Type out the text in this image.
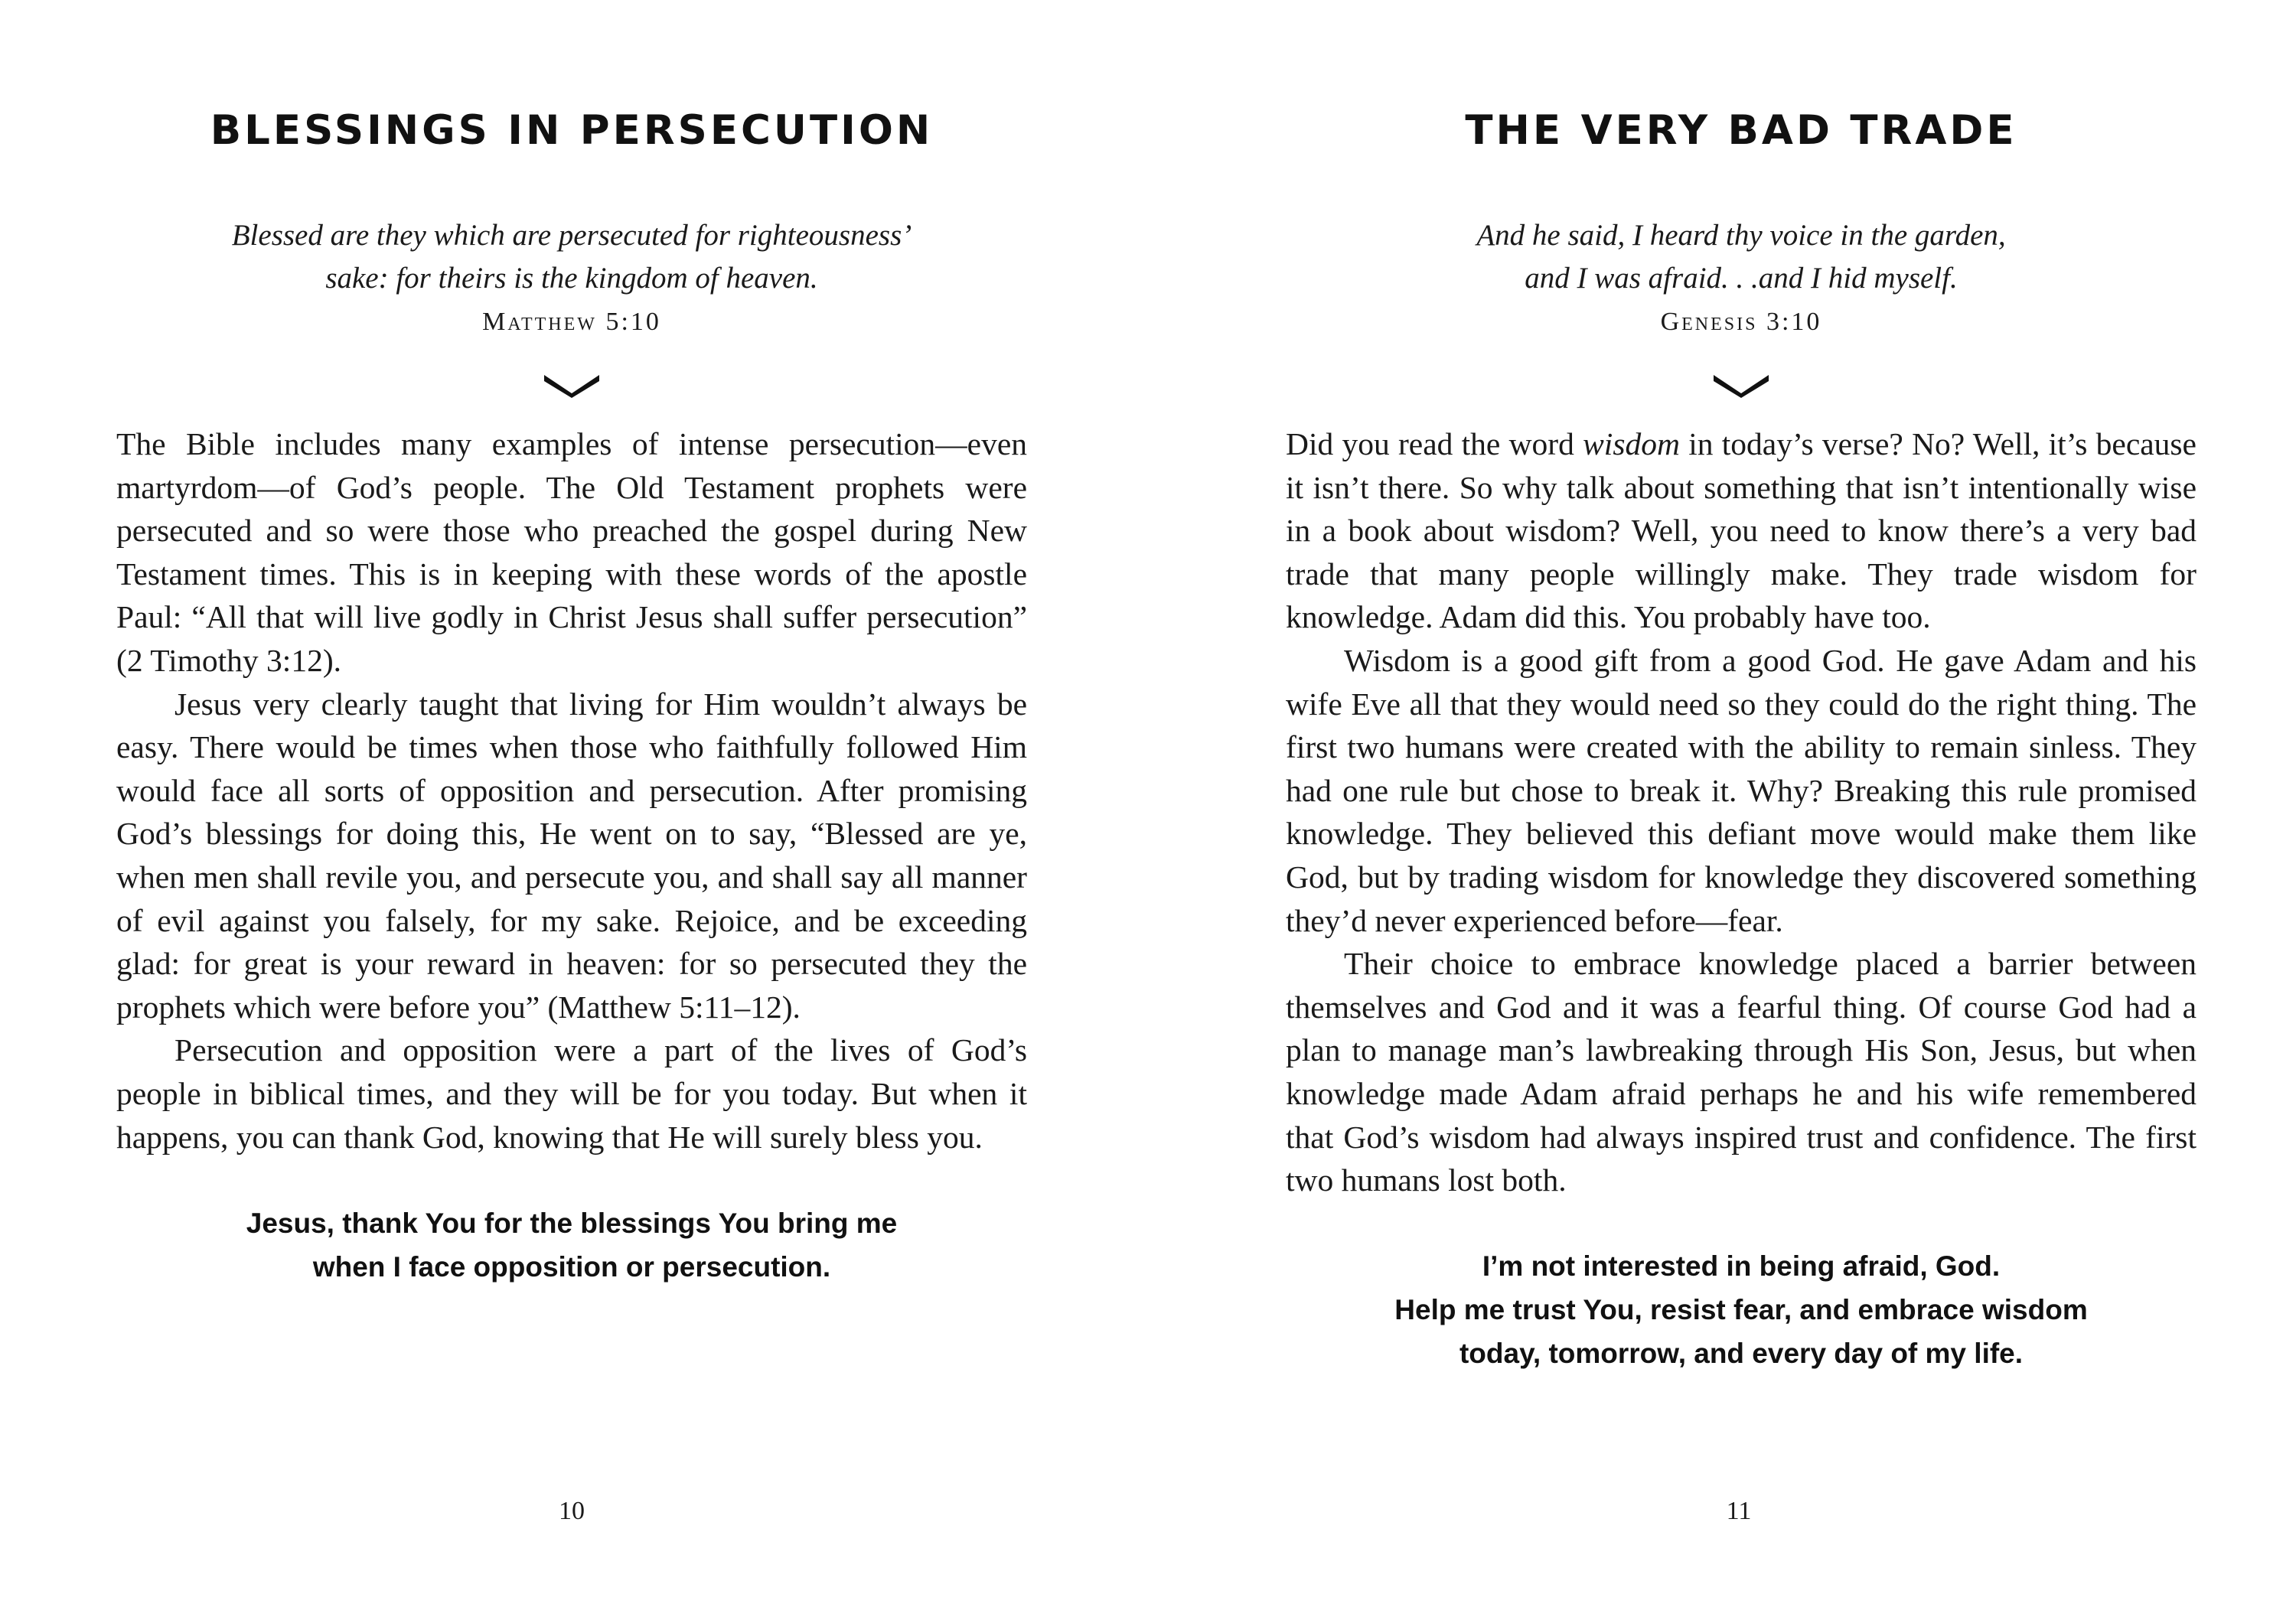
BLESSINGS IN PERSECUTION
Blessed are they which are persecuted for righteousness’
sake: for theirs is the kingdom of heaven.
Matthew 5:10

The Bible includes many examples of intense persecution—even martyrdom—of God’s people. The Old Testament prophets were persecuted and so were those who preached the gospel during New Testament times. This is in keeping with these words of the apostle Paul: “All that will live godly in Christ Jesus shall suffer persecution” (2 Timothy 3:12).

Jesus very clearly taught that living for Him wouldn’t always be easy. There would be times when those who faithfully followed Him would face all sorts of opposition and persecution. After promising God’s blessings for doing this, He went on to say, “Blessed are ye, when men shall revile you, and persecute you, and shall say all manner of evil against you falsely, for my sake. Rejoice, and be exceeding glad: for great is your reward in heaven: for so persecuted they the prophets which were before you” (Matthew 5:11–12).

Persecution and opposition were a part of the lives of God’s people in biblical times, and they will be for you today. But when it happens, you can thank God, knowing that He will surely bless you.

Jesus, thank You for the blessings You bring me
when I face opposition or persecution.
10
THE VERY BAD TRADE
And he said, I heard thy voice in the garden,
and I was afraid. . .and I hid myself.
Genesis 3:10

Did you read the word wisdom in today’s verse? No? Well, it’s because it isn’t there. So why talk about something that isn’t intentionally wise in a book about wisdom? Well, you need to know there’s a very bad trade that many people willingly make. They trade wisdom for knowledge. Adam did this. You probably have too.

Wisdom is a good gift from a good God. He gave Adam and his wife Eve all that they would need so they could do the right thing. The first two humans were created with the ability to remain sinless. They had one rule but chose to break it. Why? Breaking this rule promised knowledge. They believed this defiant move would make them like God, but by trading wisdom for knowledge they discovered something they’d never experienced before—fear.

Their choice to embrace knowledge placed a barrier between themselves and God and it was a fearful thing. Of course God had a plan to manage man’s lawbreaking through His Son, Jesus, but when knowledge made Adam afraid perhaps he and his wife remembered that God’s wisdom had always inspired trust and confidence. The first two humans lost both.

I’m not interested in being afraid, God.
Help me trust You, resist fear, and embrace wisdom
today, tomorrow, and every day of my life.
11
